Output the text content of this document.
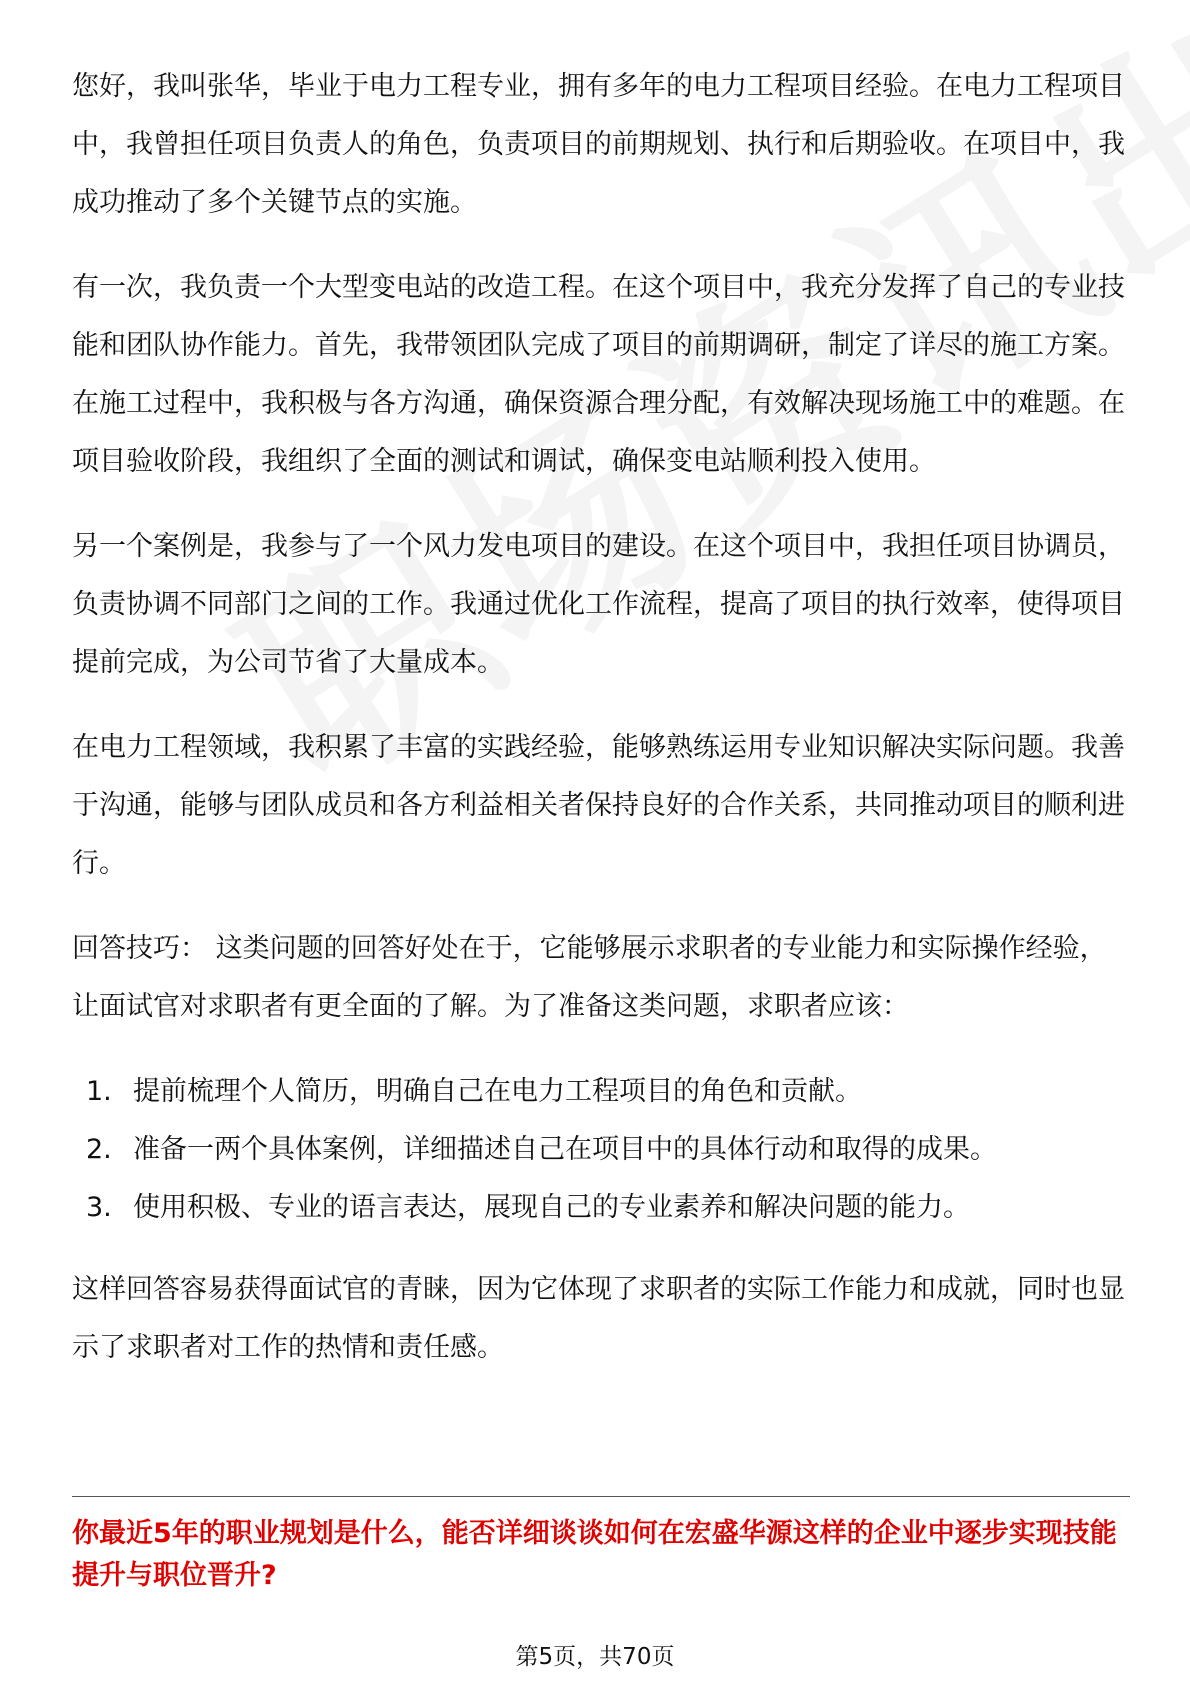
您好，我叫张华，毕业于电力工程专业，拥有多年的电力工程项目经验。在电力工程项目中，我曾担任项目负责人的角色，负责项目的前期规划、执行和后期验收。在项目中，我成功推动了多个关键节点的实施。

有一次，我负责一个大型变电站的改造工程。在这个项目中，我充分发挥了自己的专业技能和团队协作能力。首先，我带领团队完成了项目的前期调研，制定了详尽的施工方案。在施工过程中，我积极与各方沟通，确保资源合理分配，有效解决现场施工中的难题。在项目验收阶段，我组织了全面的测试和调试，确保变电站顺利投入使用。

另一个案例是，我参与了一个风力发电项目的建设。在这个项目中，我担任项目协调员，负责协调不同部门之间的工作。我通过优化工作流程，提高了项目的执行效率，使得项目提前完成，为公司节省了大量成本。

在电力工程领域，我积累了丰富的实践经验，能够熟练运用专业知识解决实际问题。我善于沟通，能够与团队成员和各方利益相关者保持良好的合作关系，共同推动项目的顺利进行。

回答技巧： 这类问题的回答好处在于，它能够展示求职者的专业能力和实际操作经验，让面试官对求职者有更全面的了解。为了准备这类问题，求职者应该：

1. 提前梳理个人简历，明确自己在电力工程项目的角色和贡献。
2. 准备一两个具体案例，详细描述自己在项目中的具体行动和取得的成果。
3. 使用积极、专业的语言表达，展现自己的专业素养和解决问题的能力。

这样回答容易获得面试官的青睐，因为它体现了求职者的实际工作能力和成就，同时也显示了求职者对工作的热情和责任感。

你最近5年的职业规划是什么，能否详细谈谈如何在宏盛华源这样的企业中逐步实现技能提升与职位晋升?
第5页，共70页
